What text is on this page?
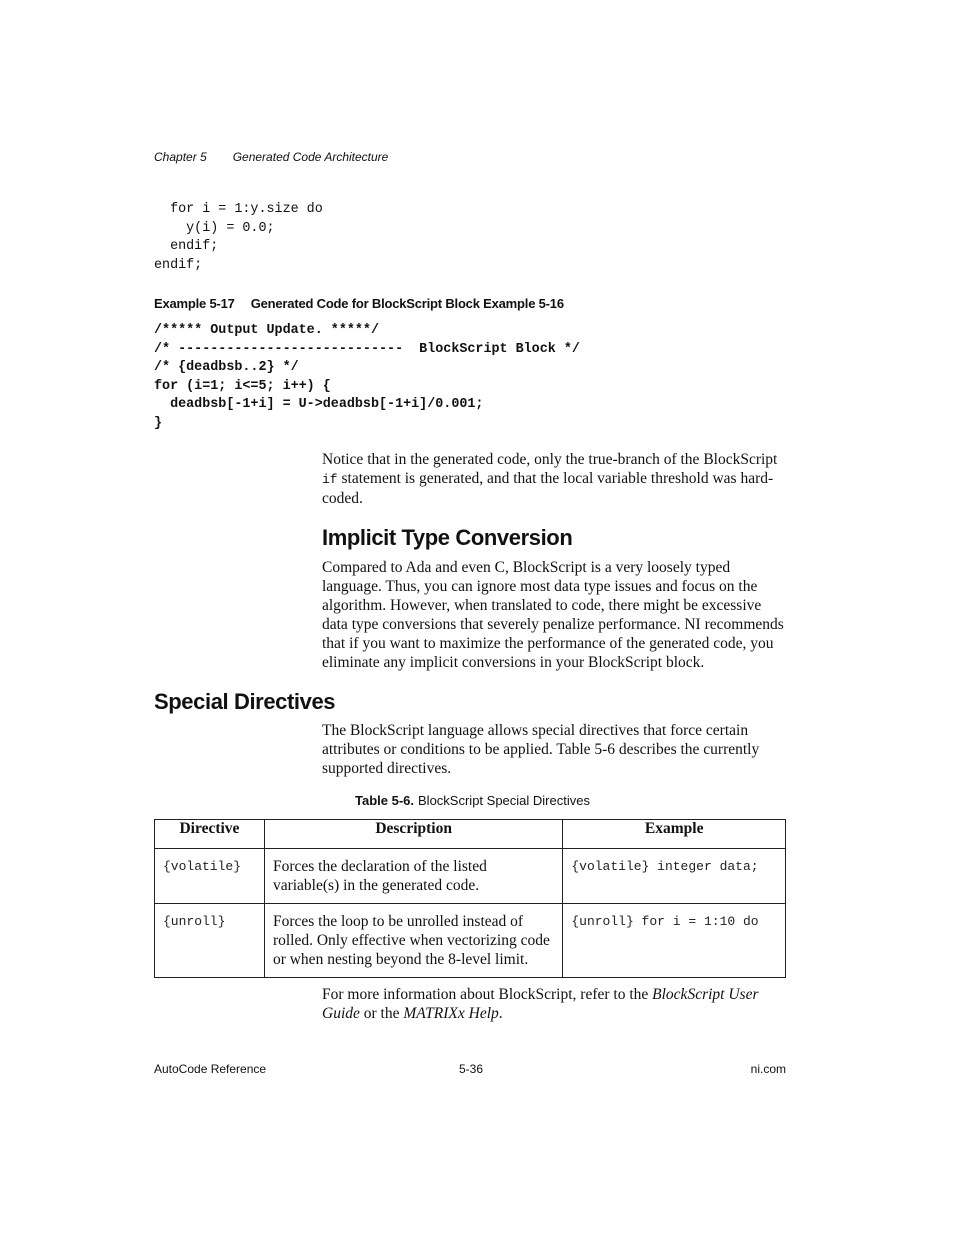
Chapter 5 Generated Code Architecture
for i = 1:y.size do
y(i) = 0.0;
endif;
endif;
Example 5-17 Generated Code for BlockScript Block Example 5-16
/***** Output Update. *****/
/* ----------------------------  BlockScript Block */
/* {deadbsb..2} */
for (i=1; i<=5; i++) {
deadbsb[-1+i] = U->deadbsb[-1+i]/0.001;
}
Notice that in the generated code, only the true-branch of the BlockScript if statement is generated, and that the local variable threshold was hard-coded.
Implicit Type Conversion
Compared to Ada and even C, BlockScript is a very loosely typed language. Thus, you can ignore most data type issues and focus on the algorithm. However, when translated to code, there might be excessive data type conversions that severely penalize performance. NI recommends that if you want to maximize the performance of the generated code, you eliminate any implicit conversions in your BlockScript block.
Special Directives
The BlockScript language allows special directives that force certain attributes or conditions to be applied. Table 5-6 describes the currently supported directives.
Table 5-6. BlockScript Special Directives
Directive	Description	Example
{volatile}	Forces the declaration of the listed variable(s) in the generated code.	{volatile} integer data;
{unroll}	Forces the loop to be unrolled instead of rolled. Only effective when vectorizing code or when nesting beyond the 8-level limit.	{unroll} for i = 1:10 do
For more information about BlockScript, refer to the BlockScript User Guide or the MATRIXx Help.
AutoCode Reference	5-36	ni.com
